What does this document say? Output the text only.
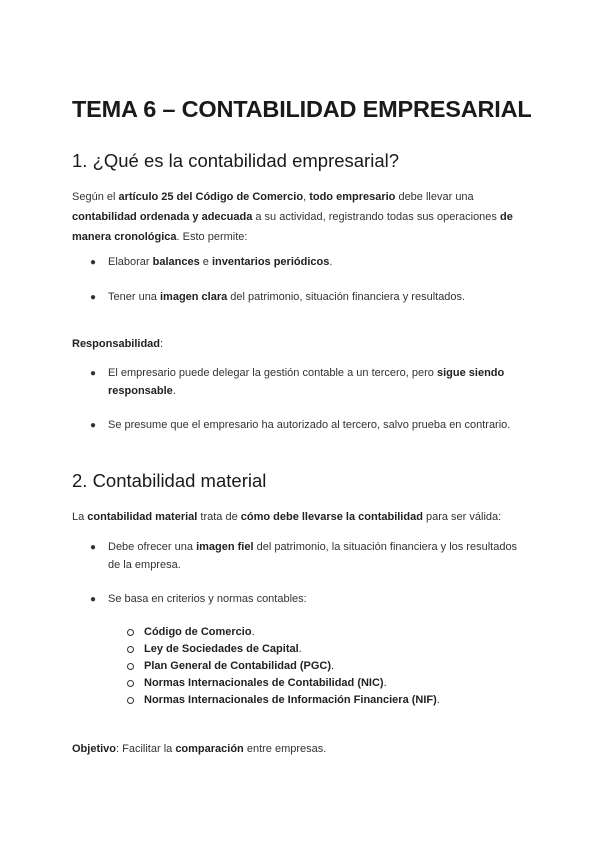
TEMA 6 – CONTABILIDAD EMPRESARIAL
1. ¿Qué es la contabilidad empresarial?

Según el artículo 25 del Código de Comercio, todo empresario debe llevar una
contabilidad ordenada y adecuada a su actividad, registrando todas sus operaciones de
manera cronológica. Esto permite:

● Elaborar balances e inventarios periódicos.

● Tener una imagen clara del patrimonio, situación financiera y resultados.

Responsabilidad:

● El empresario puede delegar la gestión contable a un tercero, pero sigue siendo
responsable.

● Se presume que el empresario ha autorizado al tercero, salvo prueba en contrario.

2. Contabilidad material

La contabilidad material trata de cómo debe llevarse la contabilidad para ser válida:

● Debe ofrecer una imagen fiel del patrimonio, la situación financiera y los resultados
de la empresa.

● Se basa en criterios y normas contables:

Código de Comercio.

Ley de Sociedades de Capital.

Plan General de Contabilidad (PGC).

Normas Internacionales de Contabilidad (NIC).

Normas Internacionales de Información Financiera (NIF).

Objetivo: Facilitar la comparación entre empresas.
